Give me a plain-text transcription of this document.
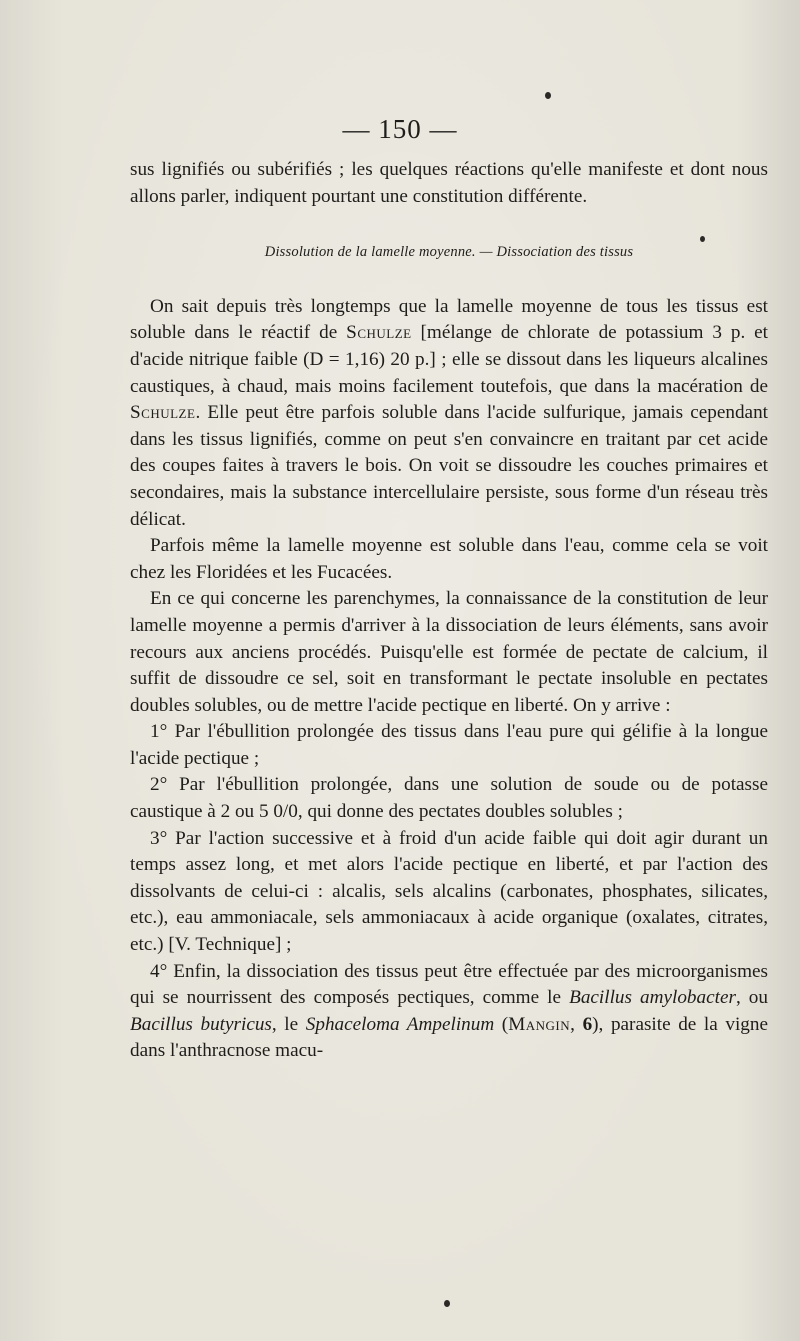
— 150 —

sus lignifiés ou subérifiés ; les quelques réactions qu'elle manifeste et dont nous allons parler, indiquent pourtant une constitution différente.

Dissolution de la lamelle moyenne. — Dissociation des tissus

On sait depuis très longtemps que la lamelle moyenne de tous les tissus est soluble dans le réactif de Schulze [mélange de chlorate de potassium 3 p. et d'acide nitrique faible (D = 1,16) 20 p.] ; elle se dissout dans les liqueurs alcalines caustiques, à chaud, mais moins facilement toutefois, que dans la macération de Schulze. Elle peut être parfois soluble dans l'acide sulfurique, jamais cependant dans les tissus lignifiés, comme on peut s'en convaincre en traitant par cet acide des coupes faites à travers le bois. On voit se dissoudre les couches primaires et secondaires, mais la substance intercellulaire persiste, sous forme d'un réseau très délicat.

Parfois même la lamelle moyenne est soluble dans l'eau, comme cela se voit chez les Floridées et les Fucacées.

En ce qui concerne les parenchymes, la connaissance de la constitution de leur lamelle moyenne a permis d'arriver à la dissociation de leurs éléments, sans avoir recours aux anciens procédés. Puisqu'elle est formée de pectate de calcium, il suffit de dissoudre ce sel, soit en transformant le pectate insoluble en pectates doubles solubles, ou de mettre l'acide pectique en liberté. On y arrive :

1° Par l'ébullition prolongée des tissus dans l'eau pure qui gélifie à la longue l'acide pectique ;

2° Par l'ébullition prolongée, dans une solution de soude ou de potasse caustique à 2 ou 5 0/0, qui donne des pectates doubles solubles ;

3° Par l'action successive et à froid d'un acide faible qui doit agir durant un temps assez long, et met alors l'acide pectique en liberté, et par l'action des dissolvants de celui-ci : alcalis, sels alcalins (carbonates, phosphates, silicates, etc.), eau ammoniacale, sels ammoniacaux à acide organique (oxalates, citrates, etc.) [V. Technique] ;

4° Enfin, la dissociation des tissus peut être effectuée par des microorganismes qui se nourrissent des composés pectiques, comme le Bacillus amylobacter, ou Bacillus butyricus, le Sphaceloma Ampelinum (Mangin, 6), parasite de la vigne dans l'anthracnose macu-
